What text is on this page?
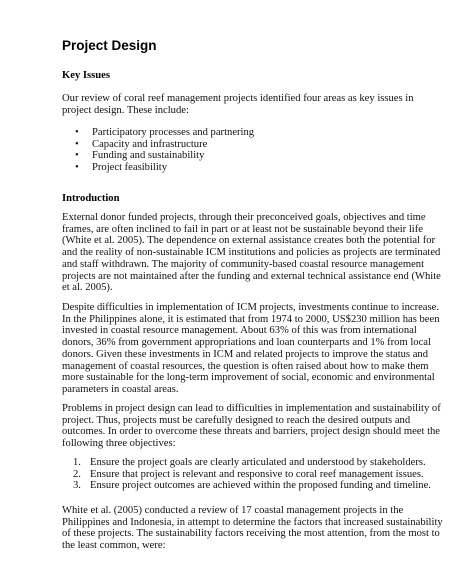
Project Design
Key Issues

Our review of coral reef management projects identified four areas as key issues in
project design. These include:

• Participatory processes and partnering
• Capacity and infrastructure
• Funding and sustainability
• Project feasibility
Introduction

External donor funded projects, through their preconceived goals, objectives and time
frames, are often inclined to fail in part or at least not be sustainable beyond their life
(White et al. 2005). The dependence on external assistance creates both the potential for
and the reality of non-sustainable ICM institutions and policies as projects are terminated
and staff withdrawn. The majority of community-based coastal resource management
projects are not maintained after the funding and external technical assistance end (White
et al. 2005).

Despite difficulties in implementation of ICM projects, investments continue to increase.
In the Philippines alone, it is estimated that from 1974 to 2000, US$230 million has been
invested in coastal resource management. About 63% of this was from international
donors, 36% from government appropriations and loan counterparts and 1% from local
donors. Given these investments in ICM and related projects to improve the status and
management of coastal resources, the question is often raised about how to make them
more sustainable for the long-term improvement of social, economic and environmental
parameters in coastal areas.

Problems in project design can lead to difficulties in implementation and sustainability of
project. Thus, projects must be carefully designed to reach the desired outputs and
outcomes. In order to overcome these threats and barriers, project design should meet the
following three objectives:

1. Ensure the project goals are clearly articulated and understood by stakeholders.
2. Ensure that project is relevant and responsive to coral reef management issues.
3. Ensure project outcomes are achieved within the proposed funding and timeline.

White et al. (2005) conducted a review of 17 coastal management projects in the
Philippines and Indonesia, in attempt to determine the factors that increased sustainability
of these projects. The sustainability factors receiving the most attention, from the most to
the least common, were:
